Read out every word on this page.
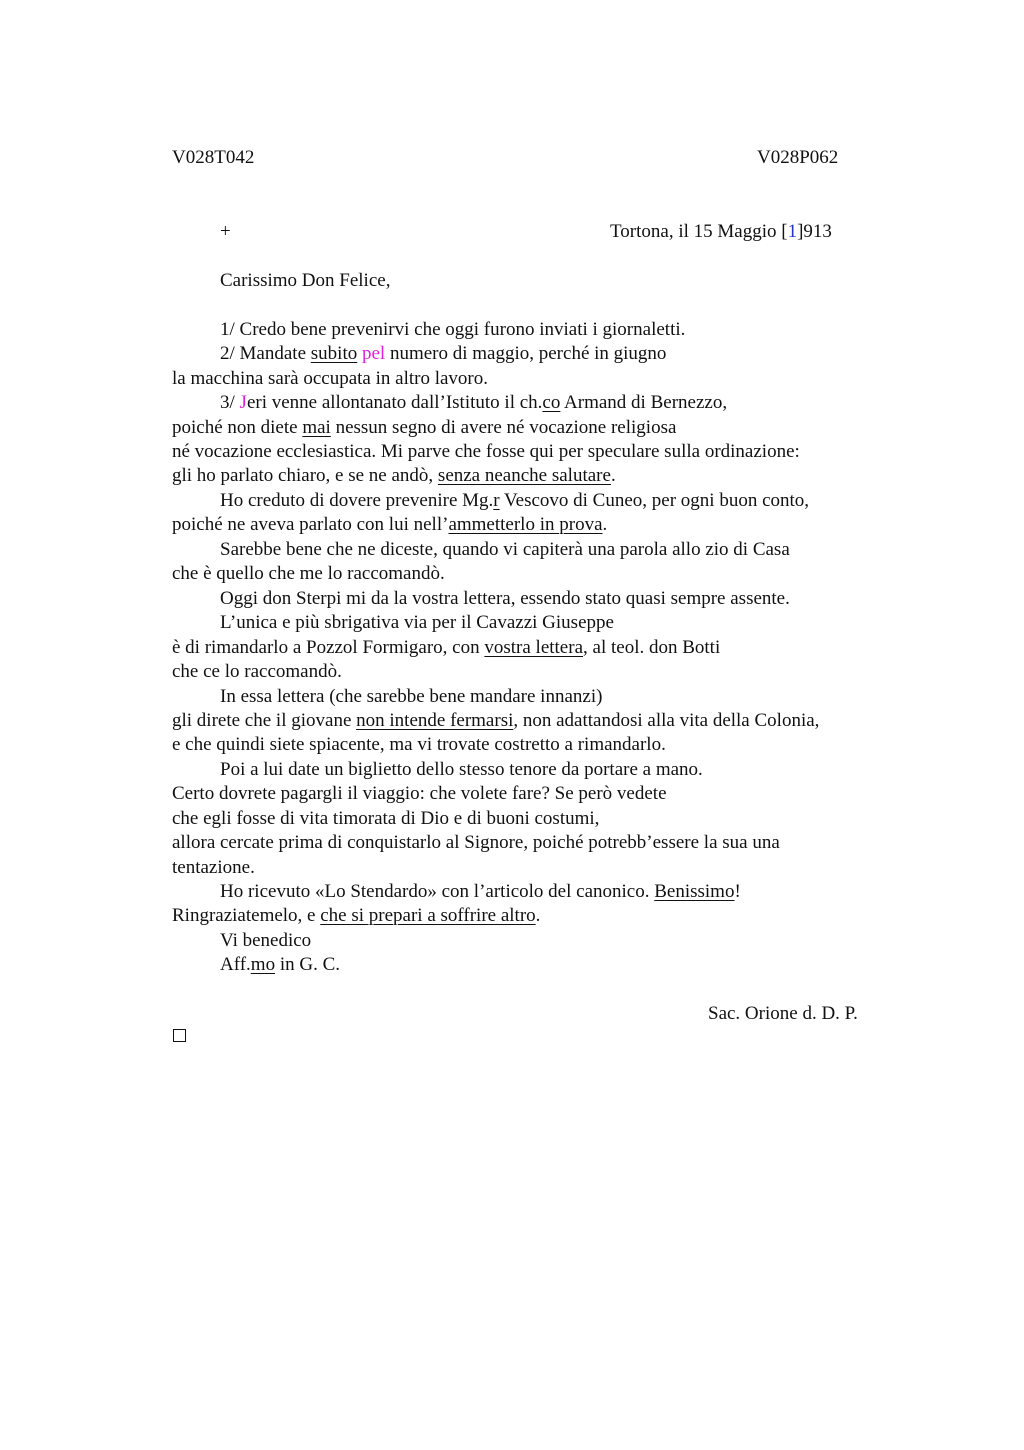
V028T042	V028P062
+	Tortona, il 15 Maggio [1]913
Carissimo Don Felice,
1/ Credo bene prevenirvi che oggi furono inviati i giornaletti.
2/ Mandate subito pel numero di maggio, perché in giugno
la macchina sarà occupata in altro lavoro.
3/ Jeri venne allontanato dall’Istituto il ch.co Armand di Bernezzo,
poiché non diete mai nessun segno di avere né vocazione religiosa
né vocazione ecclesiastica. Mi parve che fosse qui per speculare sulla ordinazione:
gli ho parlato chiaro, e se ne andò, senza neanche salutare.
Ho creduto di dovere prevenire Mg.r Vescovo di Cuneo, per ogni buon conto,
poiché ne aveva parlato con lui nell’ammetterlo in prova.
Sarebbe bene che ne diceste, quando vi capiterà una parola allo zio di Casa
che è quello che me lo raccomandò.
Oggi don Sterpi mi da la vostra lettera, essendo stato quasi sempre assente.
L’unica e più sbrigativa via per il Cavazzi Giuseppe
è di rimandarlo a Pozzol Formigaro, con vostra lettera, al teol. don Botti
che ce lo raccomandò.
In essa lettera (che sarebbe bene mandare innanzi)
gli direte che il giovane non intende fermarsi, non adattandosi alla vita della Colonia,
e che quindi siete spiacente, ma vi trovate costretto a rimandarlo.
Poi a lui date un biglietto dello stesso tenore da portare a mano.
Certo dovrete pagargli il viaggio: che volete fare? Se però vedete
che egli fosse di vita timorata di Dio e di buoni costumi,
allora cercate prima di conquistarlo al Signore, poiché potrebb’essere la sua una
tentazione.
Ho ricevuto «Lo Stendardo» con l’articolo del canonico. Benissimo!
Ringraziatemelo, e che si prepari a soffrire altro.
Vi benedico
Aff.mo in G. C.
Sac. Orione d. D. P.
